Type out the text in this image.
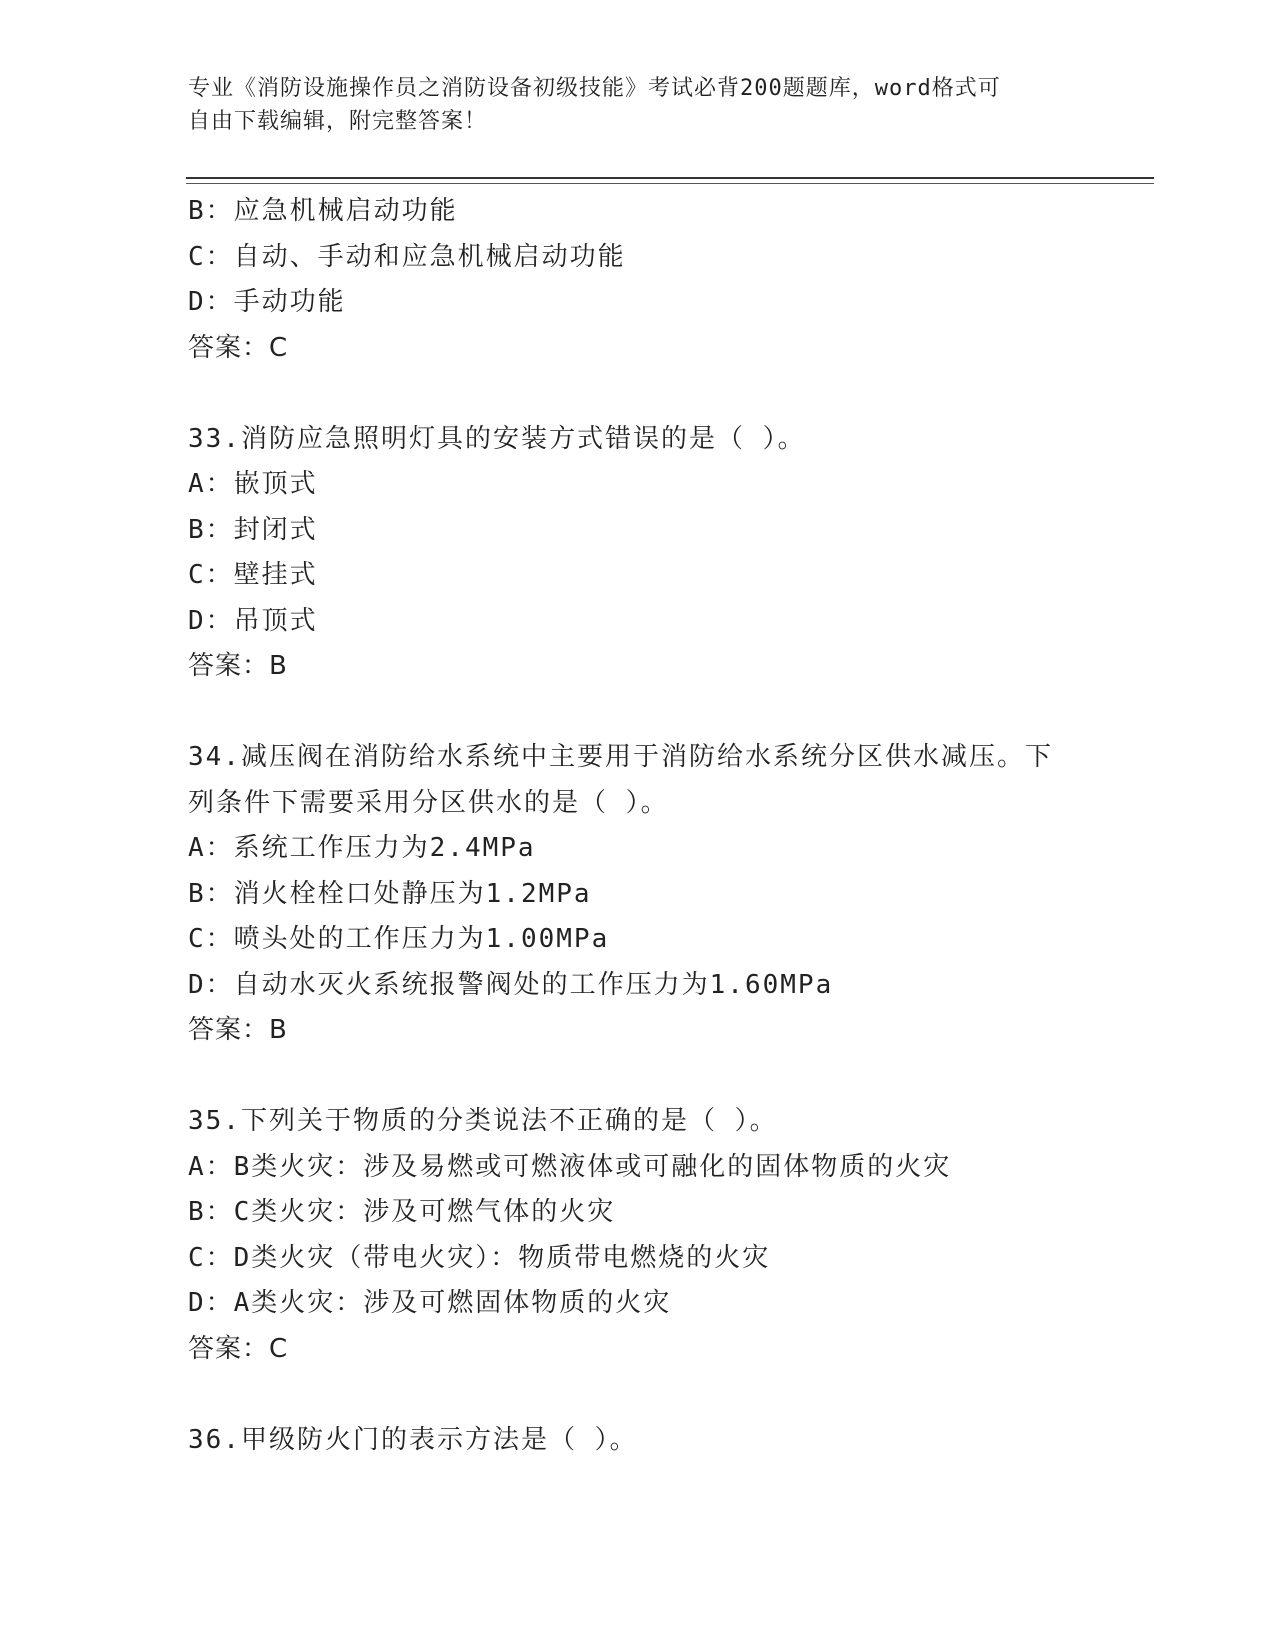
专业《消防设施操作员之消防设备初级技能》考试必背200题题库，word格式可
自由下载编辑，附完整答案！
B：应急机械启动功能
C：自动、手动和应急机械启动功能
D：手动功能
答案：C
33.消防应急照明灯具的安装方式错误的是（ ）。
A：嵌顶式
B：封闭式
C：壁挂式
D：吊顶式
答案：B
34.减压阀在消防给水系统中主要用于消防给水系统分区供水减压。下
列条件下需要采用分区供水的是（ ）。
A：系统工作压力为2.4MPa
B：消火栓栓口处静压为1.2MPa
C：喷头处的工作压力为1.00MPa
D：自动水灭火系统报警阀处的工作压力为1.60MPa
答案：B
35.下列关于物质的分类说法不正确的是（ ）。
A：B类火灾：涉及易燃或可燃液体或可融化的固体物质的火灾
B：C类火灾：涉及可燃气体的火灾
C：D类火灾（带电火灾）：物质带电燃烧的火灾
D：A类火灾：涉及可燃固体物质的火灾
答案：C
36.甲级防火门的表示方法是（ ）。
